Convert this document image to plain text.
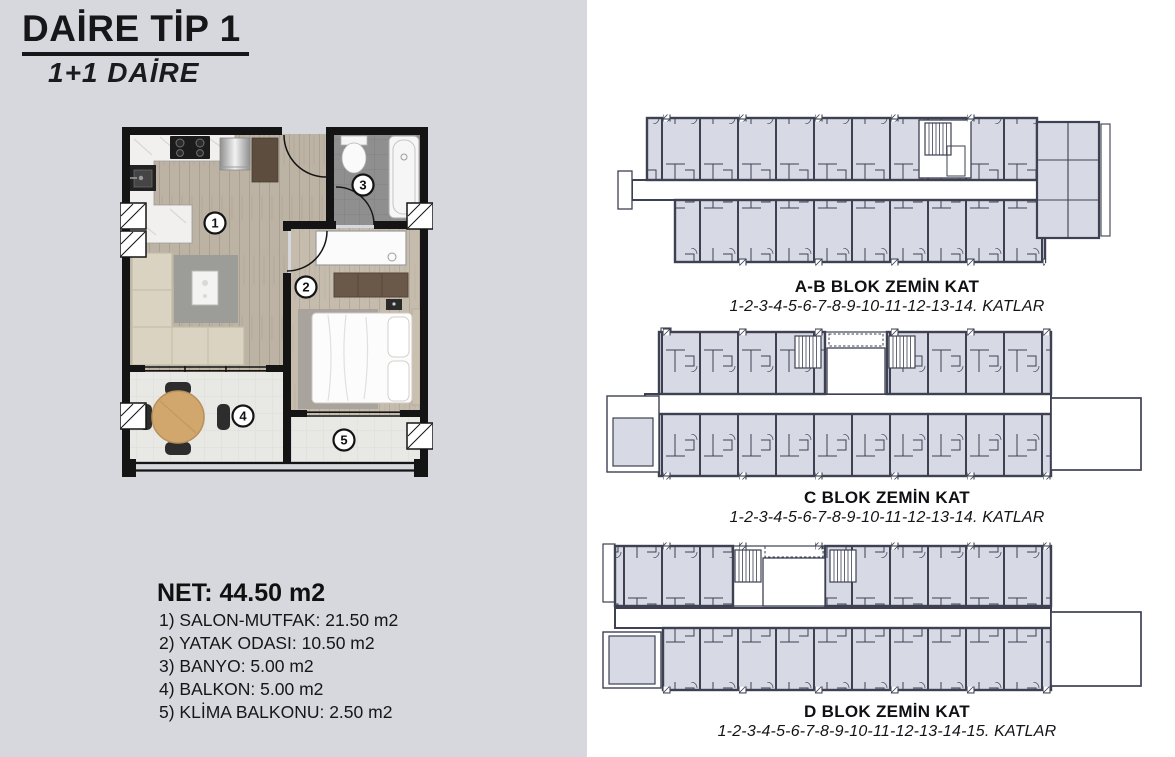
DAİRE TİP 1
1+1 DAİRE
1
2
3
4
5
NET: 44.50 m2
1) SALON-MUTFAK: 21.50 m2
2) YATAK ODASI: 10.50 m2
3) BANYO: 5.00 m2
4) BALKON: 5.00 m2
5) KLİMA BALKONU: 2.50 m2
A-B BLOK ZEMİN KAT
1-2-3-4-5-6-7-8-9-10-11-12-13-14. KATLAR
C BLOK ZEMİN KAT
1-2-3-4-5-6-7-8-9-10-11-12-13-14. KATLAR
D BLOK ZEMİN KAT
1-2-3-4-5-6-7-8-9-10-11-12-13-14-15. KATLAR
